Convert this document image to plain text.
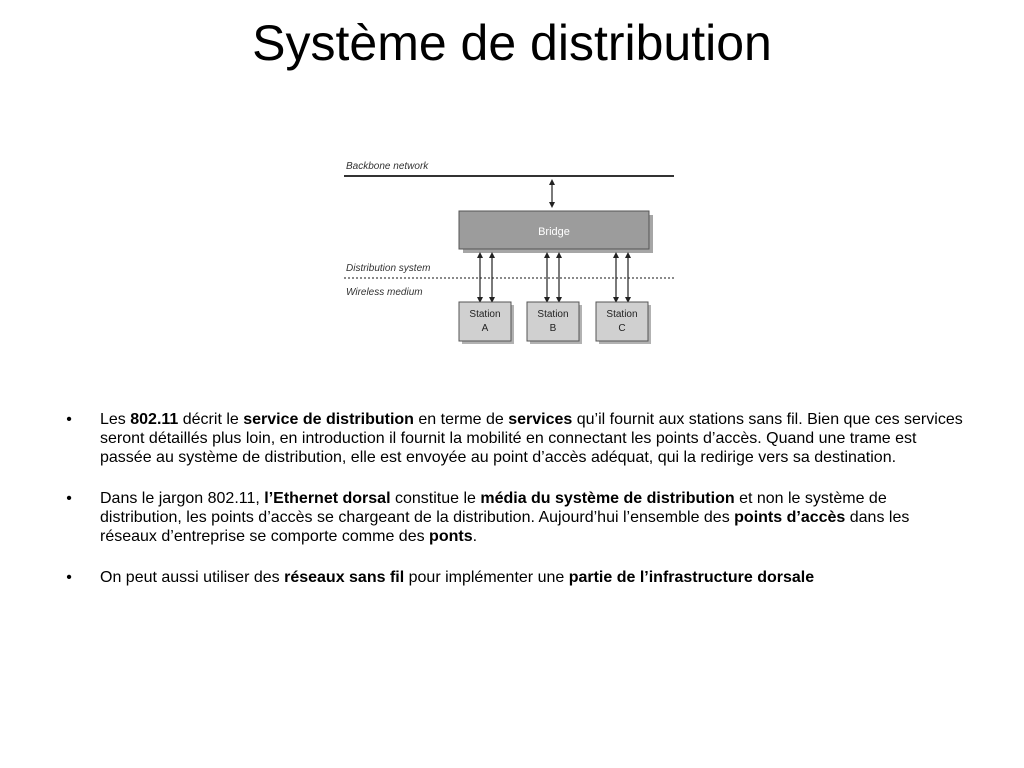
Système de distribution
Backbone network
Bridge
Distribution system
Wireless medium
Station
A
Station
B
Station
C
• Les 802.11 décrit le service de distribution en terme de services qu’il fournit aux stations sans fil. Bien que ces services seront détaillés plus loin, en introduction il fournit la mobilité en connectant les points d’accès. Quand une trame est passée au système de distribution, elle est envoyée au point d’accès adéquat, qui la redirige vers sa destination.
• Dans le jargon 802.11, l’Ethernet dorsal constitue le média du système de distribution et non le système de distribution, les points d’accès se chargeant de la distribution. Aujourd’hui l’ensemble des points d’accès dans les réseaux d’entreprise se comporte comme des ponts.
• On peut aussi utiliser des réseaux sans fil pour implémenter une partie de l’infrastructure dorsale
